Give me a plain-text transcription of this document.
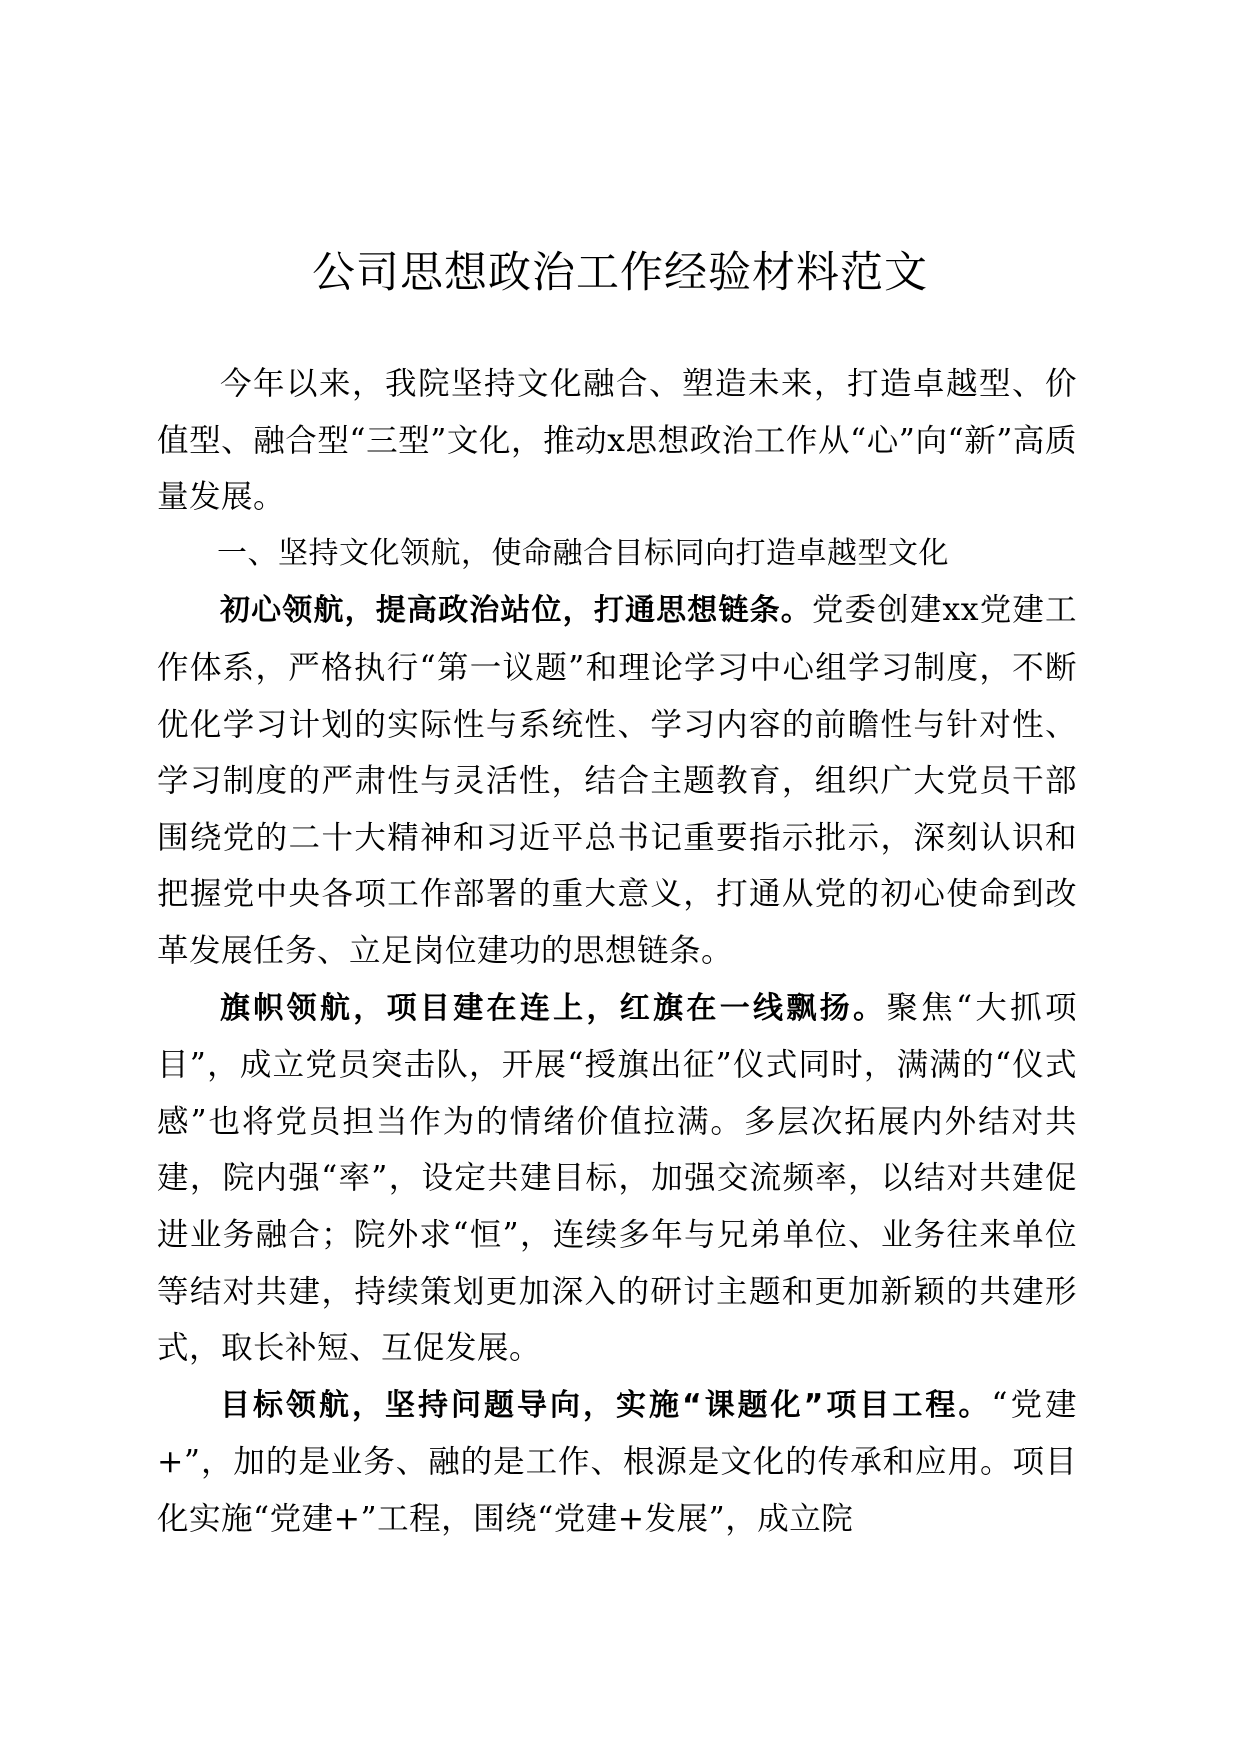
公司思想政治工作经验材料范文

今年以来，我院坚持文化融合、塑造未来，打造卓越型、价值型、融合型“三型”文化，推动x思想政治工作从“心”向“新”高质量发展。

一、坚持文化领航，使命融合目标同向打造卓越型文化

初心领航，提高政治站位，打通思想链条。党委创建xx党建工作体系，严格执行“第一议题”和理论学习中心组学习制度，不断优化学习计划的实际性与系统性、学习内容的前瞻性与针对性、学习制度的严肃性与灵活性，结合主题教育，组织广大党员干部围绕党的二十大精神和习近平总书记重要指示批示，深刻认识和把握党中央各项工作部署的重大意义，打通从党的初心使命到改革发展任务、立足岗位建功的思想链条。

旗帜领航，项目建在连上，红旗在一线飘扬。聚焦“大抓项目”，成立党员突击队，开展“授旗出征”仪式同时，满满的“仪式感”也将党员担当作为的情绪价值拉满。多层次拓展内外结对共建，院内强“率”，设定共建目标，加强交流频率，以结对共建促进业务融合；院外求“恒”，连续多年与兄弟单位、业务往来单位等结对共建，持续策划更加深入的研讨主题和更加新颖的共建形式，取长补短、互促发展。

目标领航，坚持问题导向，实施“课题化”项目工程。“党建+”，加的是业务、融的是工作、根源是文化的传承和应用。项目化实施“党建+”工程，围绕“党建+发展”，成立院
